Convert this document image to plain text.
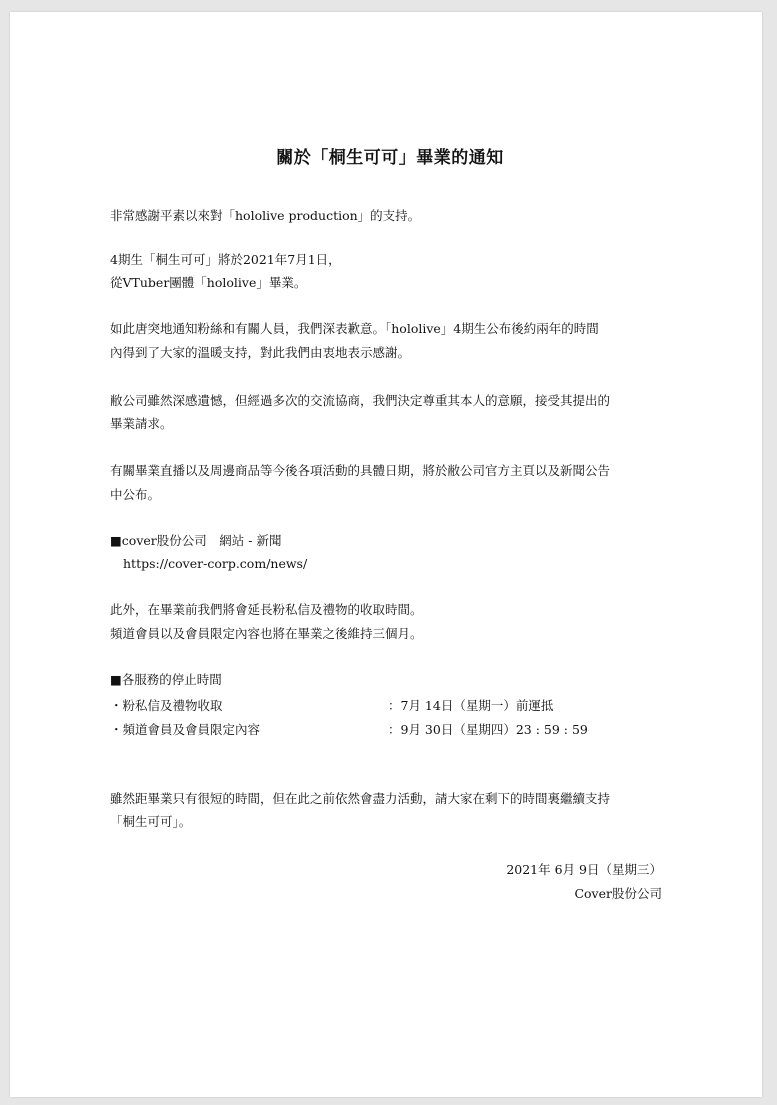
關於「桐生可可」畢業的通知
非常感謝平素以來對「hololive production」的支持。
4期生「桐生可可」將於2021年7月1日，
從VTuber團體「hololive」畢業。
如此唐突地通知粉絲和有關人員，我們深表歉意。「hololive」4期生公布後約兩年的時間
內得到了大家的溫暖支持，對此我們由衷地表示感謝。
敝公司雖然深感遺憾，但經過多次的交流協商，我們決定尊重其本人的意願，接受其提出的
畢業請求。
有關畢業直播以及周邊商品等今後各項活動的具體日期，將於敝公司官方主頁以及新聞公告
中公布。
■cover股份公司　網站 - 新聞
https://cover-corp.com/news/
此外，在畢業前我們將會延長粉私信及禮物的收取時間。
頻道會員以及會員限定內容也將在畢業之後維持三個月。
■各服務的停止時間
・粉私信及禮物收取	：7月 14日（星期一）前運抵
・頻道會員及會員限定內容	：9月 30日（星期四）23 : 59 : 59
雖然距畢業只有很短的時間，但在此之前依然會盡力活動，請大家在剩下的時間裏繼續支持
「桐生可可」。
2021年 6月 9日（星期三）
Cover股份公司
